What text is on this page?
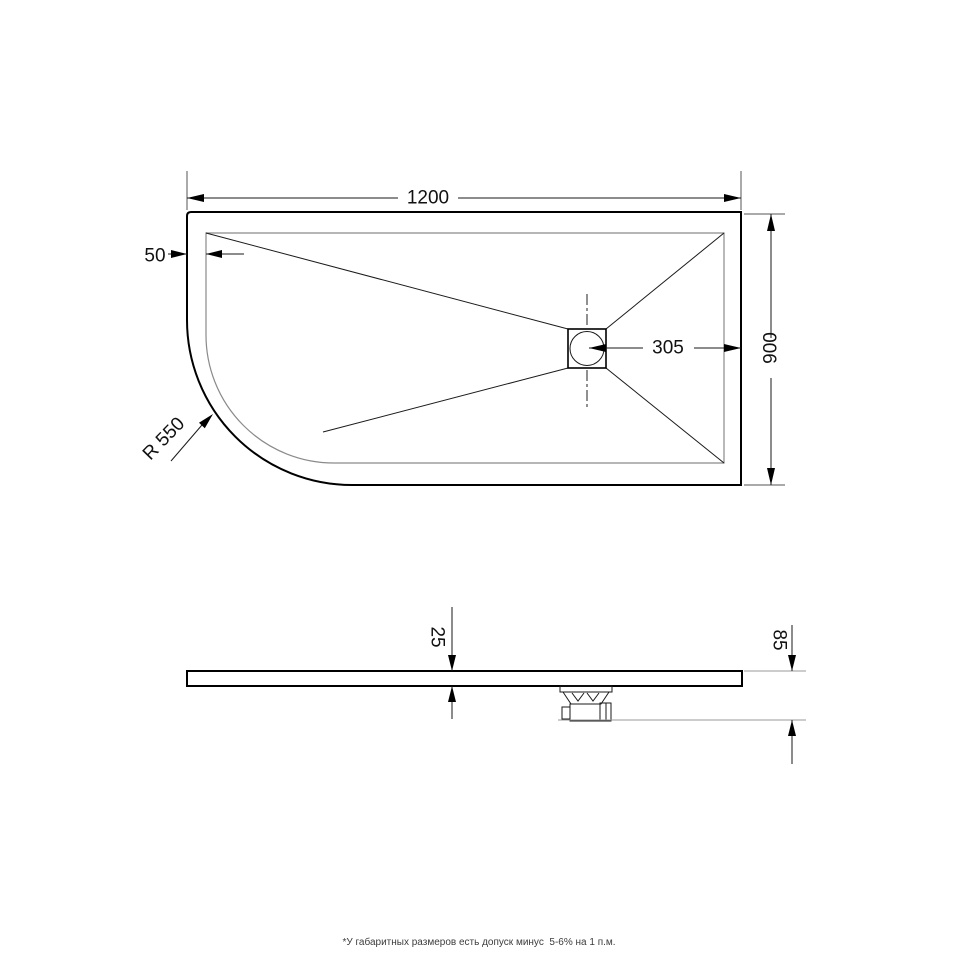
1200
900
50
305
R 550
25	85
*У габаритных размеров есть допуск минус  5-6% на 1 п.м.
